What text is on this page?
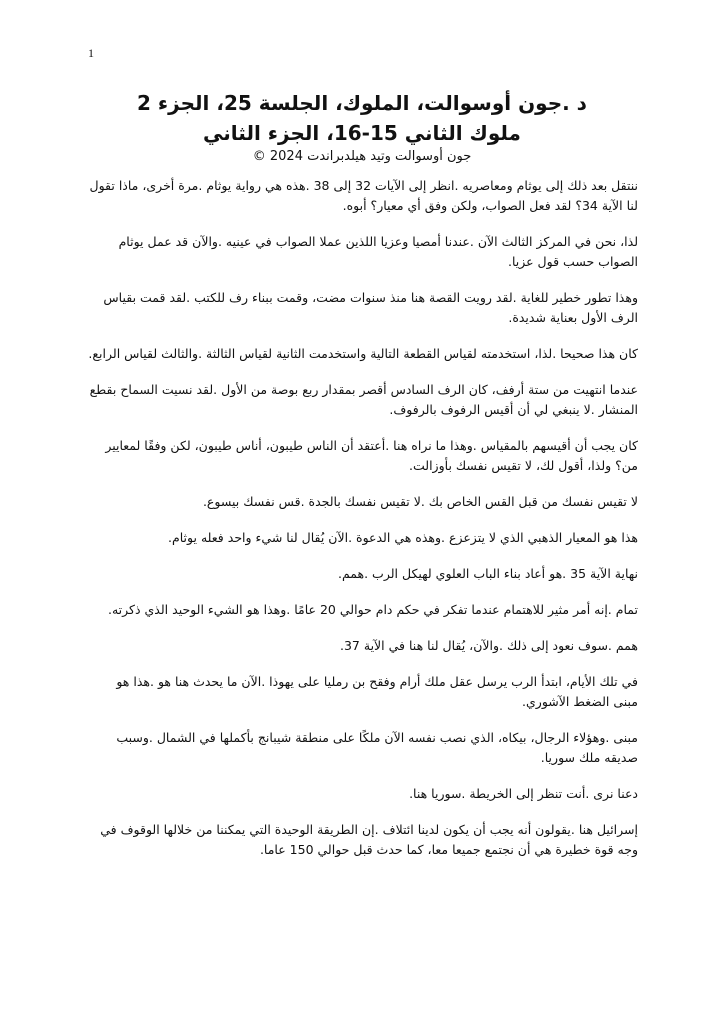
1
د .جون أوسوالت، الملوك، الجلسة 25، الجزء 2
ملوك الثاني 15-16، الجزء الثاني
جون أوسوالت وتيد هيلدبراندت 2024 ©

ننتقل بعد ذلك إلى يوثام ومعاصريه .انظر إلى الآيات 32 إلى 38 .هذه هي رواية يوثام .مرة أخرى، ماذا تقول لنا الآية 34؟ لقد فعل الصواب، ولكن وفق أي معيار؟ أبوه.

لذا، نحن في المركز الثالث الآن .عندنا أمصيا وعزيا اللذين عملا الصواب في عينيه .والآن قد عمل يوثام الصواب حسب قول عزيا.

وهذا تطور خطير للغاية .لقد رويت القصة هنا منذ سنوات مضت، وقمت ببناء رف للكتب .لقد قمت بقياس الرف الأول بعناية شديدة.

كان هذا صحيحا .لذا، استخدمته لقياس القطعة التالية واستخدمت الثانية لقياس الثالثة .والثالث لقياس الرابع.

عندما انتهيت من ستة أرفف، كان الرف السادس أقصر بمقدار ربع بوصة من الأول .لقد نسيت السماح بقطع المنشار .لا ينبغي لي أن أقيس الرفوف بالرفوف.

كان يجب أن أقيسهم بالمقياس .وهذا ما نراه هنا .أعتقد أن الناس طيبون، أناس طيبون، لكن وفقًا لمعايير من؟ ولذا، أقول لك، لا تقيس نفسك بأوزالت.

لا تقيس نفسك من قبل القس الخاص بك .لا تقيس نفسك بالجدة .قس نفسك بيسوع.

هذا هو المعيار الذهبي الذي لا يتزعزع .وهذه هي الدعوة .الآن يُقال لنا شيء واحد فعله يوثام.

نهاية الآية 35 .هو أعاد بناء الباب العلوي لهيكل الرب .همم.

تمام .إنه أمر مثير للاهتمام عندما تفكر في حكم دام حوالي 20 عامًا .وهذا هو الشيء الوحيد الذي ذكرته.

همم .سوف نعود إلى ذلك .والآن، يُقال لنا هنا في الآية 37.

في تلك الأيام، ابتدأ الرب يرسل عقل ملك أرام وفقح بن رمليا على يهوذا .الآن ما يحدث هنا هو .هذا هو مبنى الضغط الآشوري.

مبنى .وهؤلاء الرجال، بيكاه، الذي نصب نفسه الآن ملكًا على منطقة شيبانج بأكملها في الشمال .وسبب صديقه ملك سوريا.

دعنا نرى .أنت تنظر إلى الخريطة .سوريا هنا.

إسرائيل هنا .يقولون أنه يجب أن يكون لدينا ائتلاف .إن الطريقة الوحيدة التي يمكننا من خلالها الوقوف في وجه قوة خطيرة هي أن نجتمع جميعا معا، كما حدث قبل حوالي 150 عاما.
